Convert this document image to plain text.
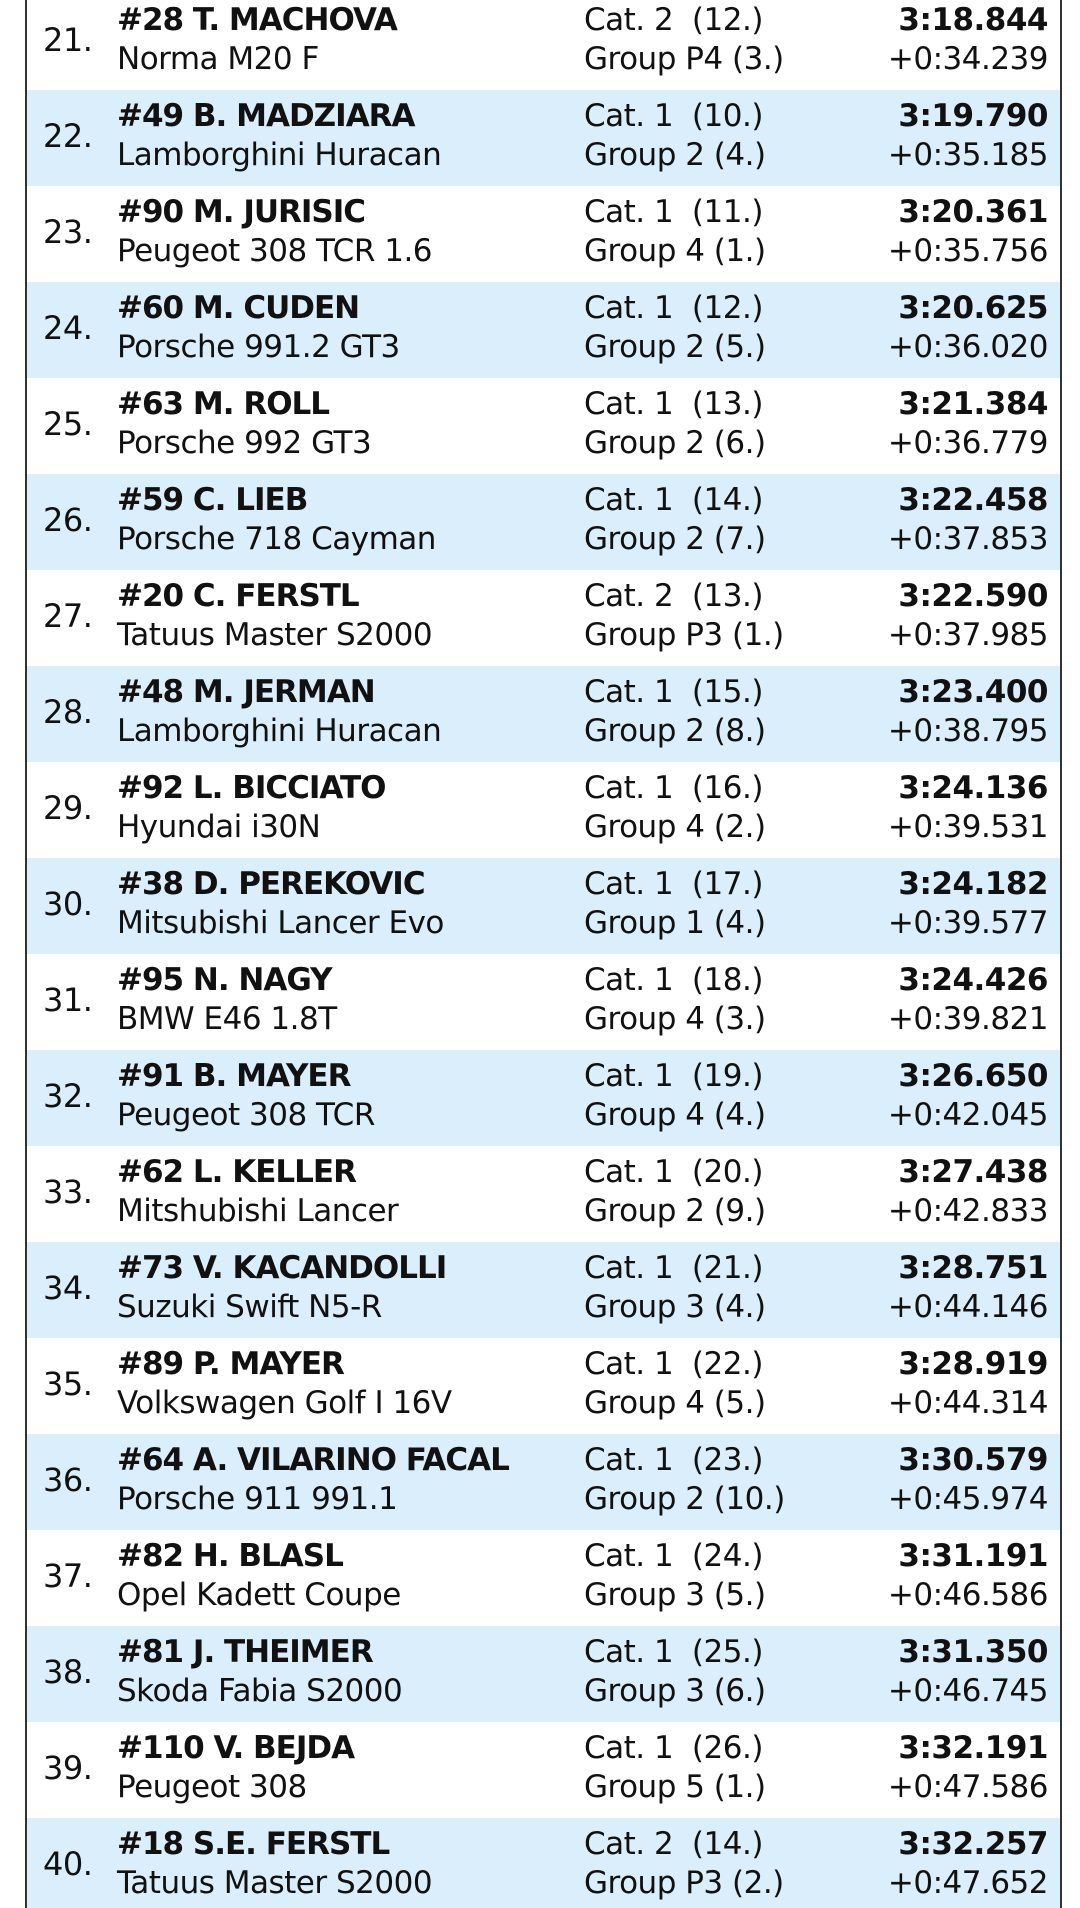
21.
#28 T. MACHOVA
Norma M20 F
Cat. 2  (12.)
Group P4 (3.)
3:18.844
+0:34.239
22.
#49 B. MADZIARA
Lamborghini Huracan
Cat. 1  (10.)
Group 2 (4.)
3:19.790
+0:35.185
23.
#90 M. JURISIC
Peugeot 308 TCR 1.6
Cat. 1  (11.)
Group 4 (1.)
3:20.361
+0:35.756
24.
#60 M. CUDEN
Porsche 991.2 GT3
Cat. 1  (12.)
Group 2 (5.)
3:20.625
+0:36.020
25.
#63 M. ROLL
Porsche 992 GT3
Cat. 1  (13.)
Group 2 (6.)
3:21.384
+0:36.779
26.
#59 C. LIEB
Porsche 718 Cayman
Cat. 1  (14.)
Group 2 (7.)
3:22.458
+0:37.853
27.
#20 C. FERSTL
Tatuus Master S2000
Cat. 2  (13.)
Group P3 (1.)
3:22.590
+0:37.985
28.
#48 M. JERMAN
Lamborghini Huracan
Cat. 1  (15.)
Group 2 (8.)
3:23.400
+0:38.795
29.
#92 L. BICCIATO
Hyundai i30N
Cat. 1  (16.)
Group 4 (2.)
3:24.136
+0:39.531
30.
#38 D. PEREKOVIC
Mitsubishi Lancer Evo
Cat. 1  (17.)
Group 1 (4.)
3:24.182
+0:39.577
31.
#95 N. NAGY
BMW E46 1.8T
Cat. 1  (18.)
Group 4 (3.)
3:24.426
+0:39.821
32.
#91 B. MAYER
Peugeot 308 TCR
Cat. 1  (19.)
Group 4 (4.)
3:26.650
+0:42.045
33.
#62 L. KELLER
Mitshubishi Lancer
Cat. 1  (20.)
Group 2 (9.)
3:27.438
+0:42.833
34.
#73 V. KACANDOLLI
Suzuki Swift N5-R
Cat. 1  (21.)
Group 3 (4.)
3:28.751
+0:44.146
35.
#89 P. MAYER
Volkswagen Golf I 16V
Cat. 1  (22.)
Group 4 (5.)
3:28.919
+0:44.314
36.
#64 A. VILARINO FACAL
Porsche 911 991.1
Cat. 1  (23.)
Group 2 (10.)
3:30.579
+0:45.974
37.
#82 H. BLASL
Opel Kadett Coupe
Cat. 1  (24.)
Group 3 (5.)
3:31.191
+0:46.586
38.
#81 J. THEIMER
Skoda Fabia S2000
Cat. 1  (25.)
Group 3 (6.)
3:31.350
+0:46.745
39.
#110 V. BEJDA
Peugeot 308
Cat. 1  (26.)
Group 5 (1.)
3:32.191
+0:47.586
40.
#18 S.E. FERSTL
Tatuus Master S2000
Cat. 2  (14.)
Group P3 (2.)
3:32.257
+0:47.652
